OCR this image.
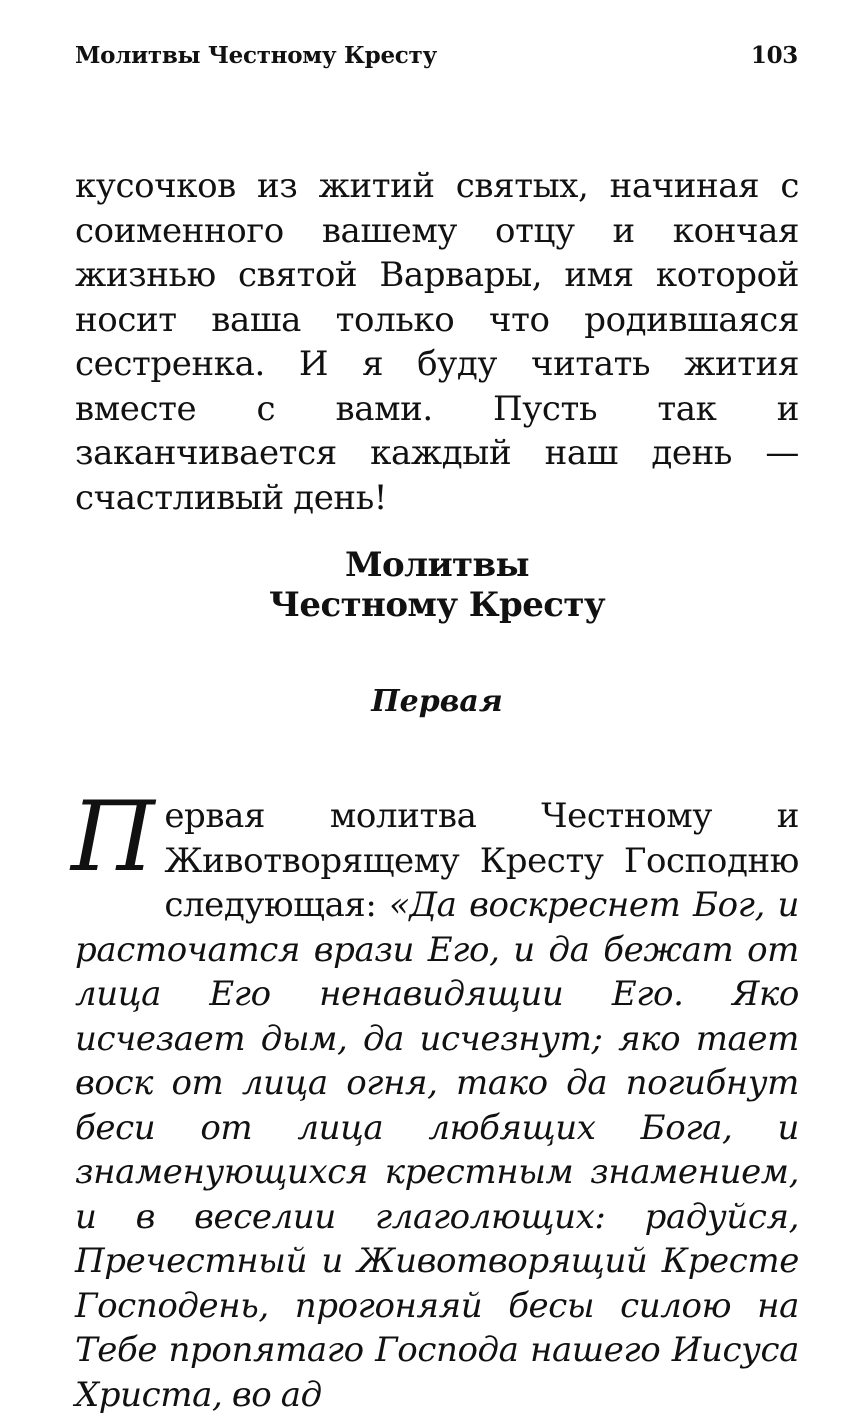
Молитвы Честному Кресту	103

кусочков из житий святых, начиная с соименного вашему отцу и кончая жизнью святой Варвары, имя которой носит ваша только что родившаяся сестренка. И я буду читать жития вместе с вами. Пусть так и заканчивается каждый наш день — счастливый день!

Молитвы
Честному Кресту
Первая

Первая молитва Честному и Животворящему Кресту Господню следующая: «Да воскреснет Бог, и расточатся врази Его, и да бежат от лица Его ненавидящии Его. Яко исчезает дым, да исчезнут; яко тает воск от лица огня, тако да погибнут беси от лица любящих Бога, и знаменующихся крестным знамением, и в веселии глаголющих: радуйся, Пречестный и Животворящий Кресте Господень, прогоняяй бесы силою на Тебе пропятаго Господа нашего Иисуса Христа, во ад
